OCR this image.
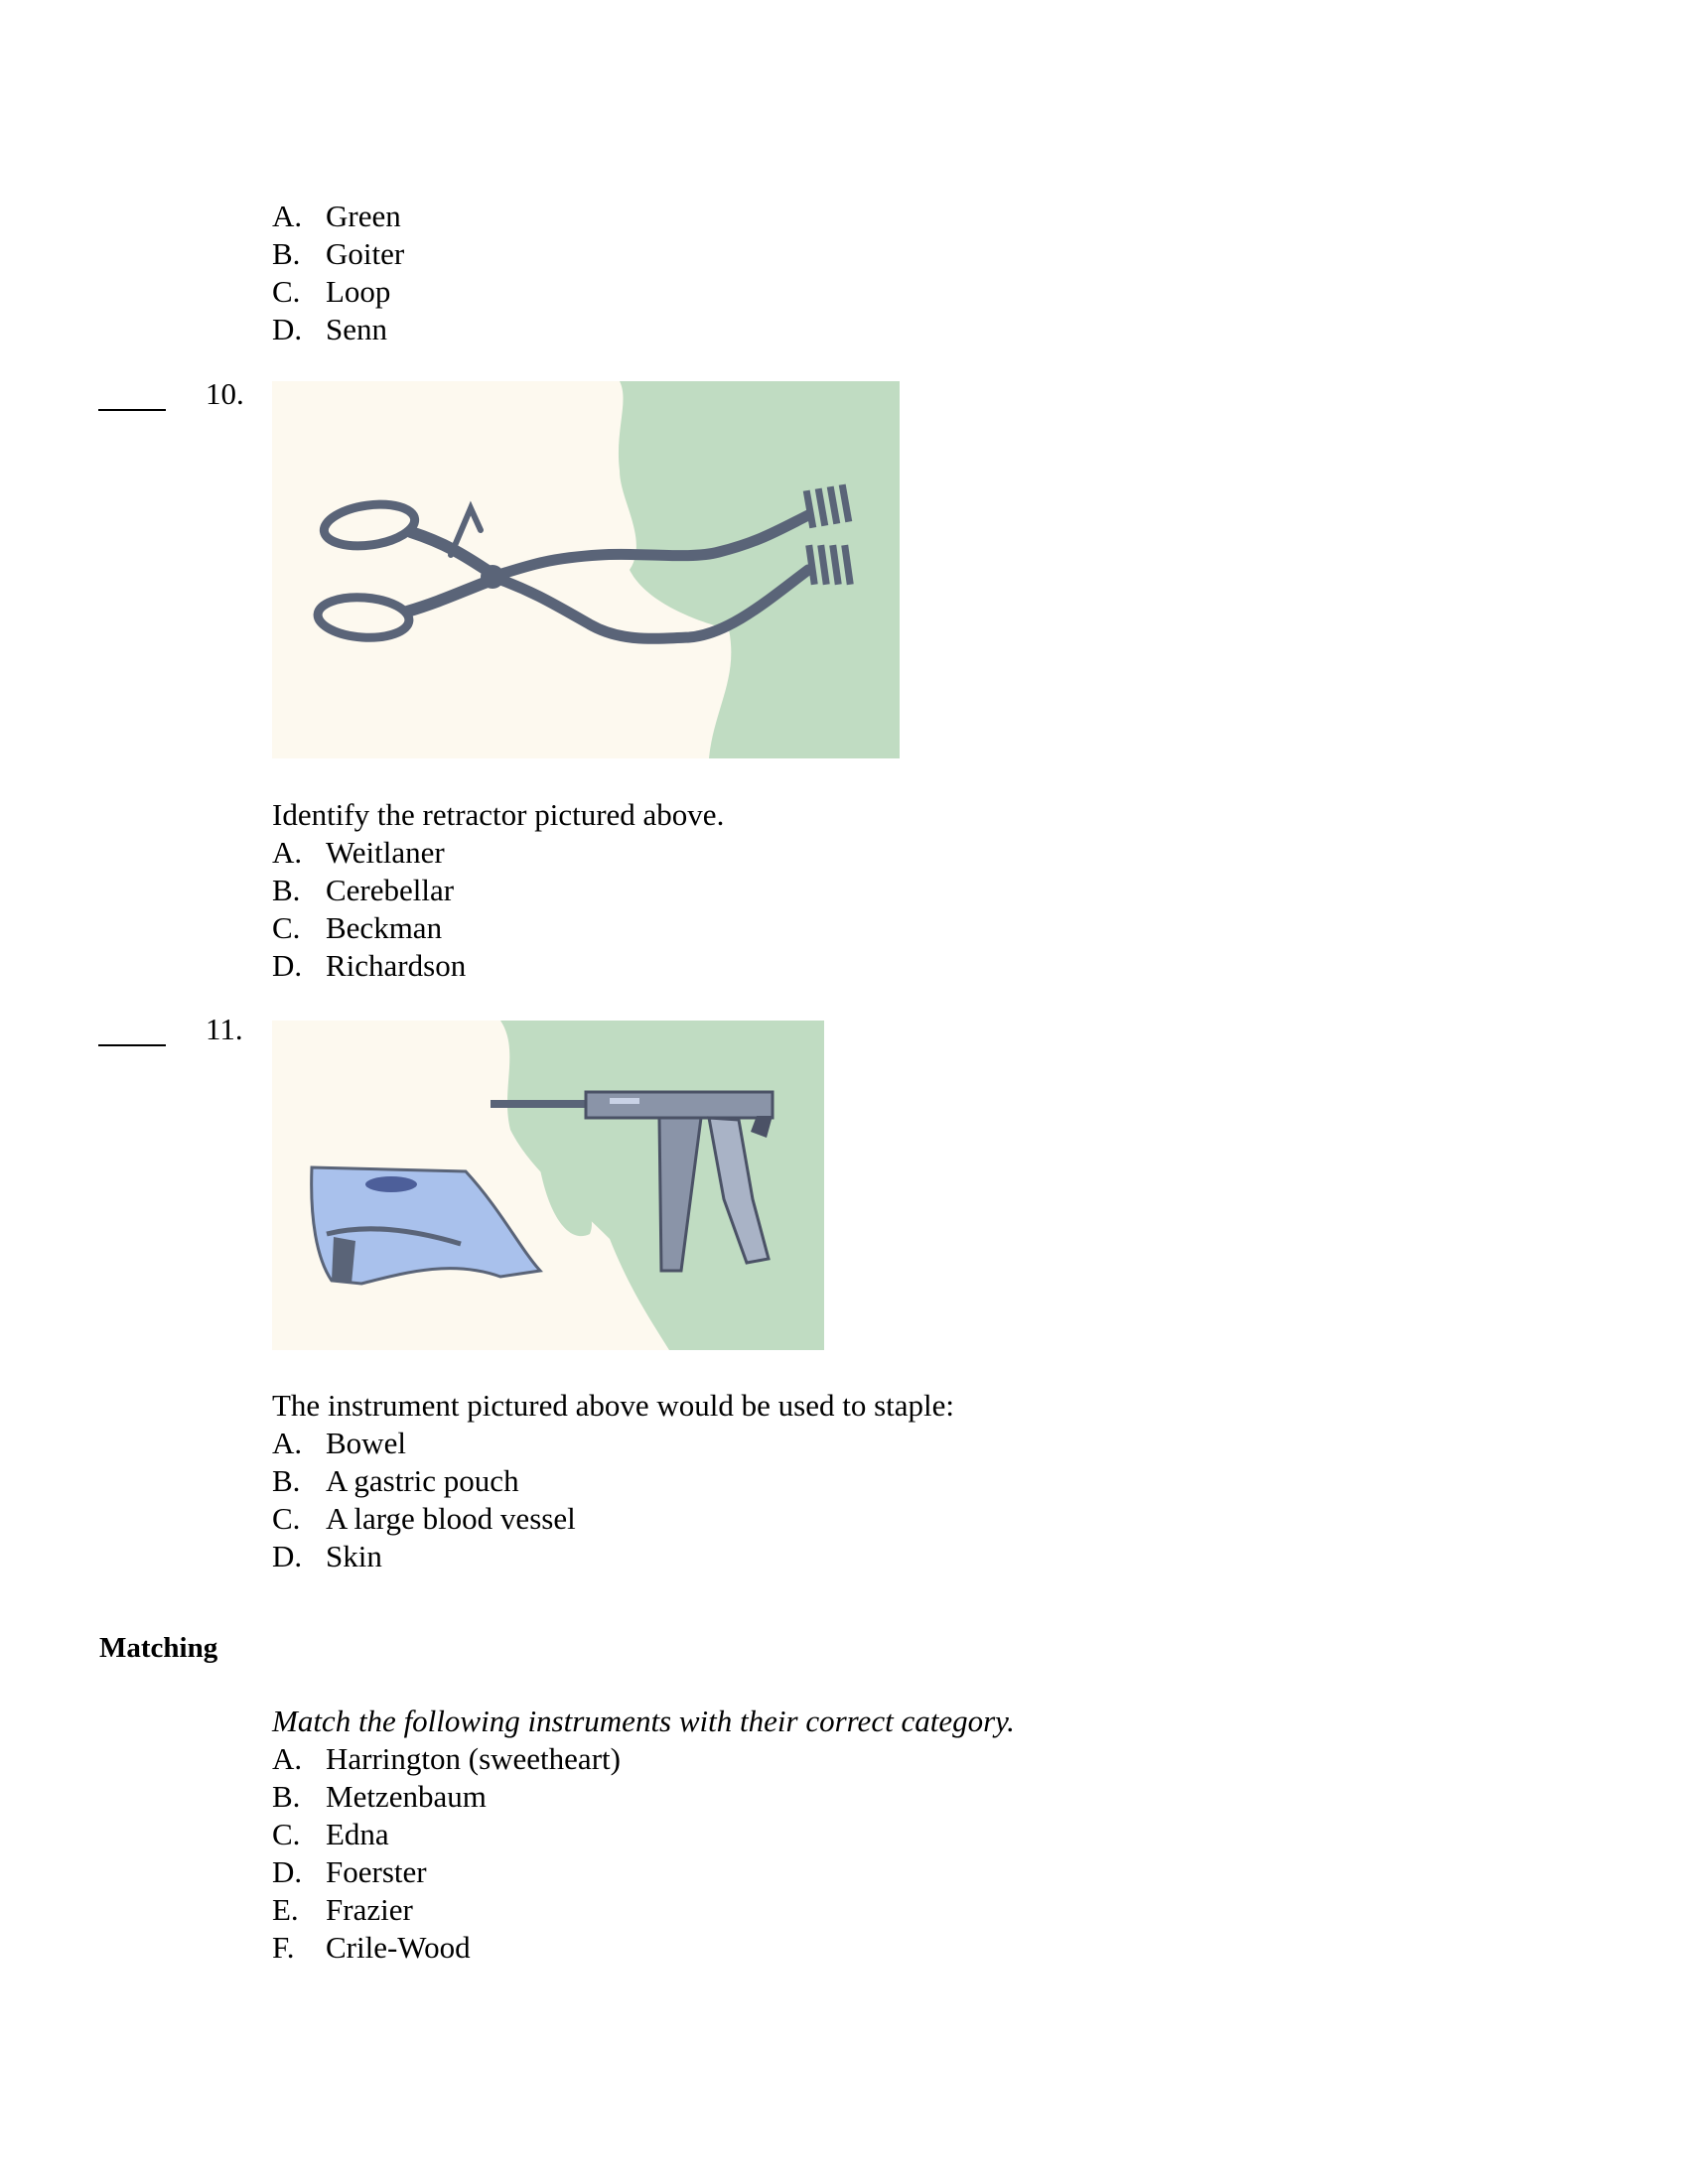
A. Green
B. Goiter
C. Loop
D. Senn
10.
Identify the retractor pictured above.
A. Weitlaner
B. Cerebellar
C. Beckman
D. Richardson
11.
The instrument pictured above would be used to staple:
A. Bowel
B. A gastric pouch
C. A large blood vessel
D. Skin
Matching
Match the following instruments with their correct category.
A. Harrington (sweetheart)
B. Metzenbaum
C. Edna
D. Foerster
E. Frazier
F. Crile-Wood
